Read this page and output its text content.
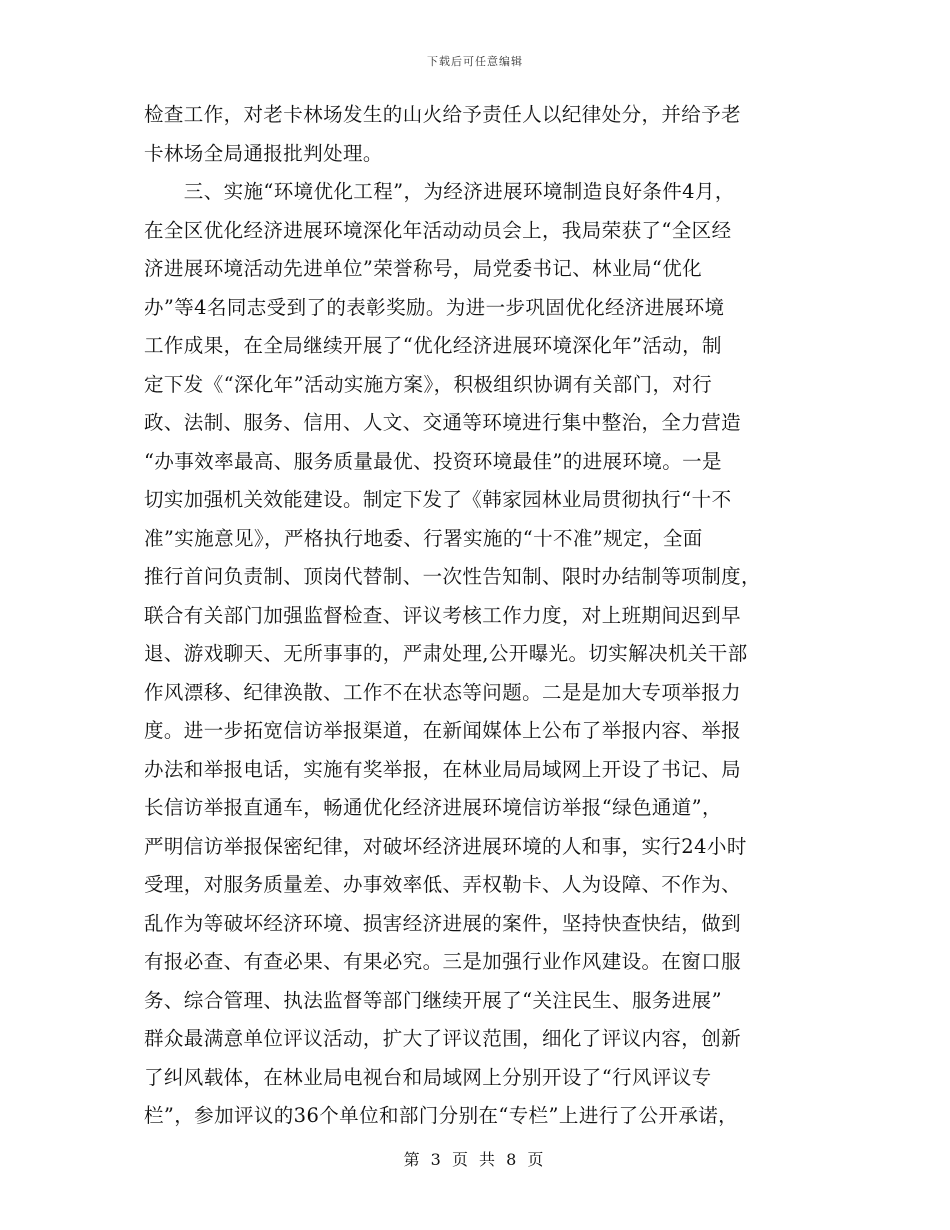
下载后可任意编辑
检查工作，对老卡林场发生的山火给予责任人以纪律处分，并给予老
卡林场全局通报批判处理。
　　三、实施“环境优化工程”，为经济进展环境制造良好条件4月，
在全区优化经济进展环境深化年活动动员会上，我局荣获了“全区经
济进展环境活动先进单位”荣誉称号，局党委书记、林业局“优化
办”等4名同志受到了的表彰奖励。为进一步巩固优化经济进展环境
工作成果，在全局继续开展了“优化经济进展环境深化年”活动，制
定下发《“深化年”活动实施方案》，积极组织协调有关部门，对行
政、法制、服务、信用、人文、交通等环境进行集中整治，全力营造
“办事效率最高、服务质量最优、投资环境最佳”的进展环境。一是
切实加强机关效能建设。制定下发了《韩家园林业局贯彻执行“十不
准”实施意见》，严格执行地委、行署实施的“十不准”规定，全面
推行首问负责制、顶岗代替制、一次性告知制、限时办结制等项制度，
联合有关部门加强监督检查、评议考核工作力度，对上班期间迟到早
退、游戏聊天、无所事事的，严肃处理,公开曝光。切实解决机关干部
作风漂移、纪律涣散、工作不在状态等问题。二是是加大专项举报力
度。进一步拓宽信访举报渠道，在新闻媒体上公布了举报内容、举报
办法和举报电话，实施有奖举报，在林业局局域网上开设了书记、局
长信访举报直通车，畅通优化经济进展环境信访举报“绿色通道”，
严明信访举报保密纪律，对破坏经济进展环境的人和事，实行24小时
受理，对服务质量差、办事效率低、弄权勒卡、人为设障、不作为、
乱作为等破坏经济环境、损害经济进展的案件，坚持快查快结，做到
有报必查、有查必果、有果必究。三是加强行业作风建设。在窗口服
务、综合管理、执法监督等部门继续开展了“关注民生、服务进展”
群众最满意单位评议活动，扩大了评议范围，细化了评议内容，创新
了纠风载体，在林业局电视台和局域网上分别开设了“行风评议专
栏”，参加评议的36个单位和部门分别在“专栏”上进行了公开承诺，
第 3 页 共 8 页
